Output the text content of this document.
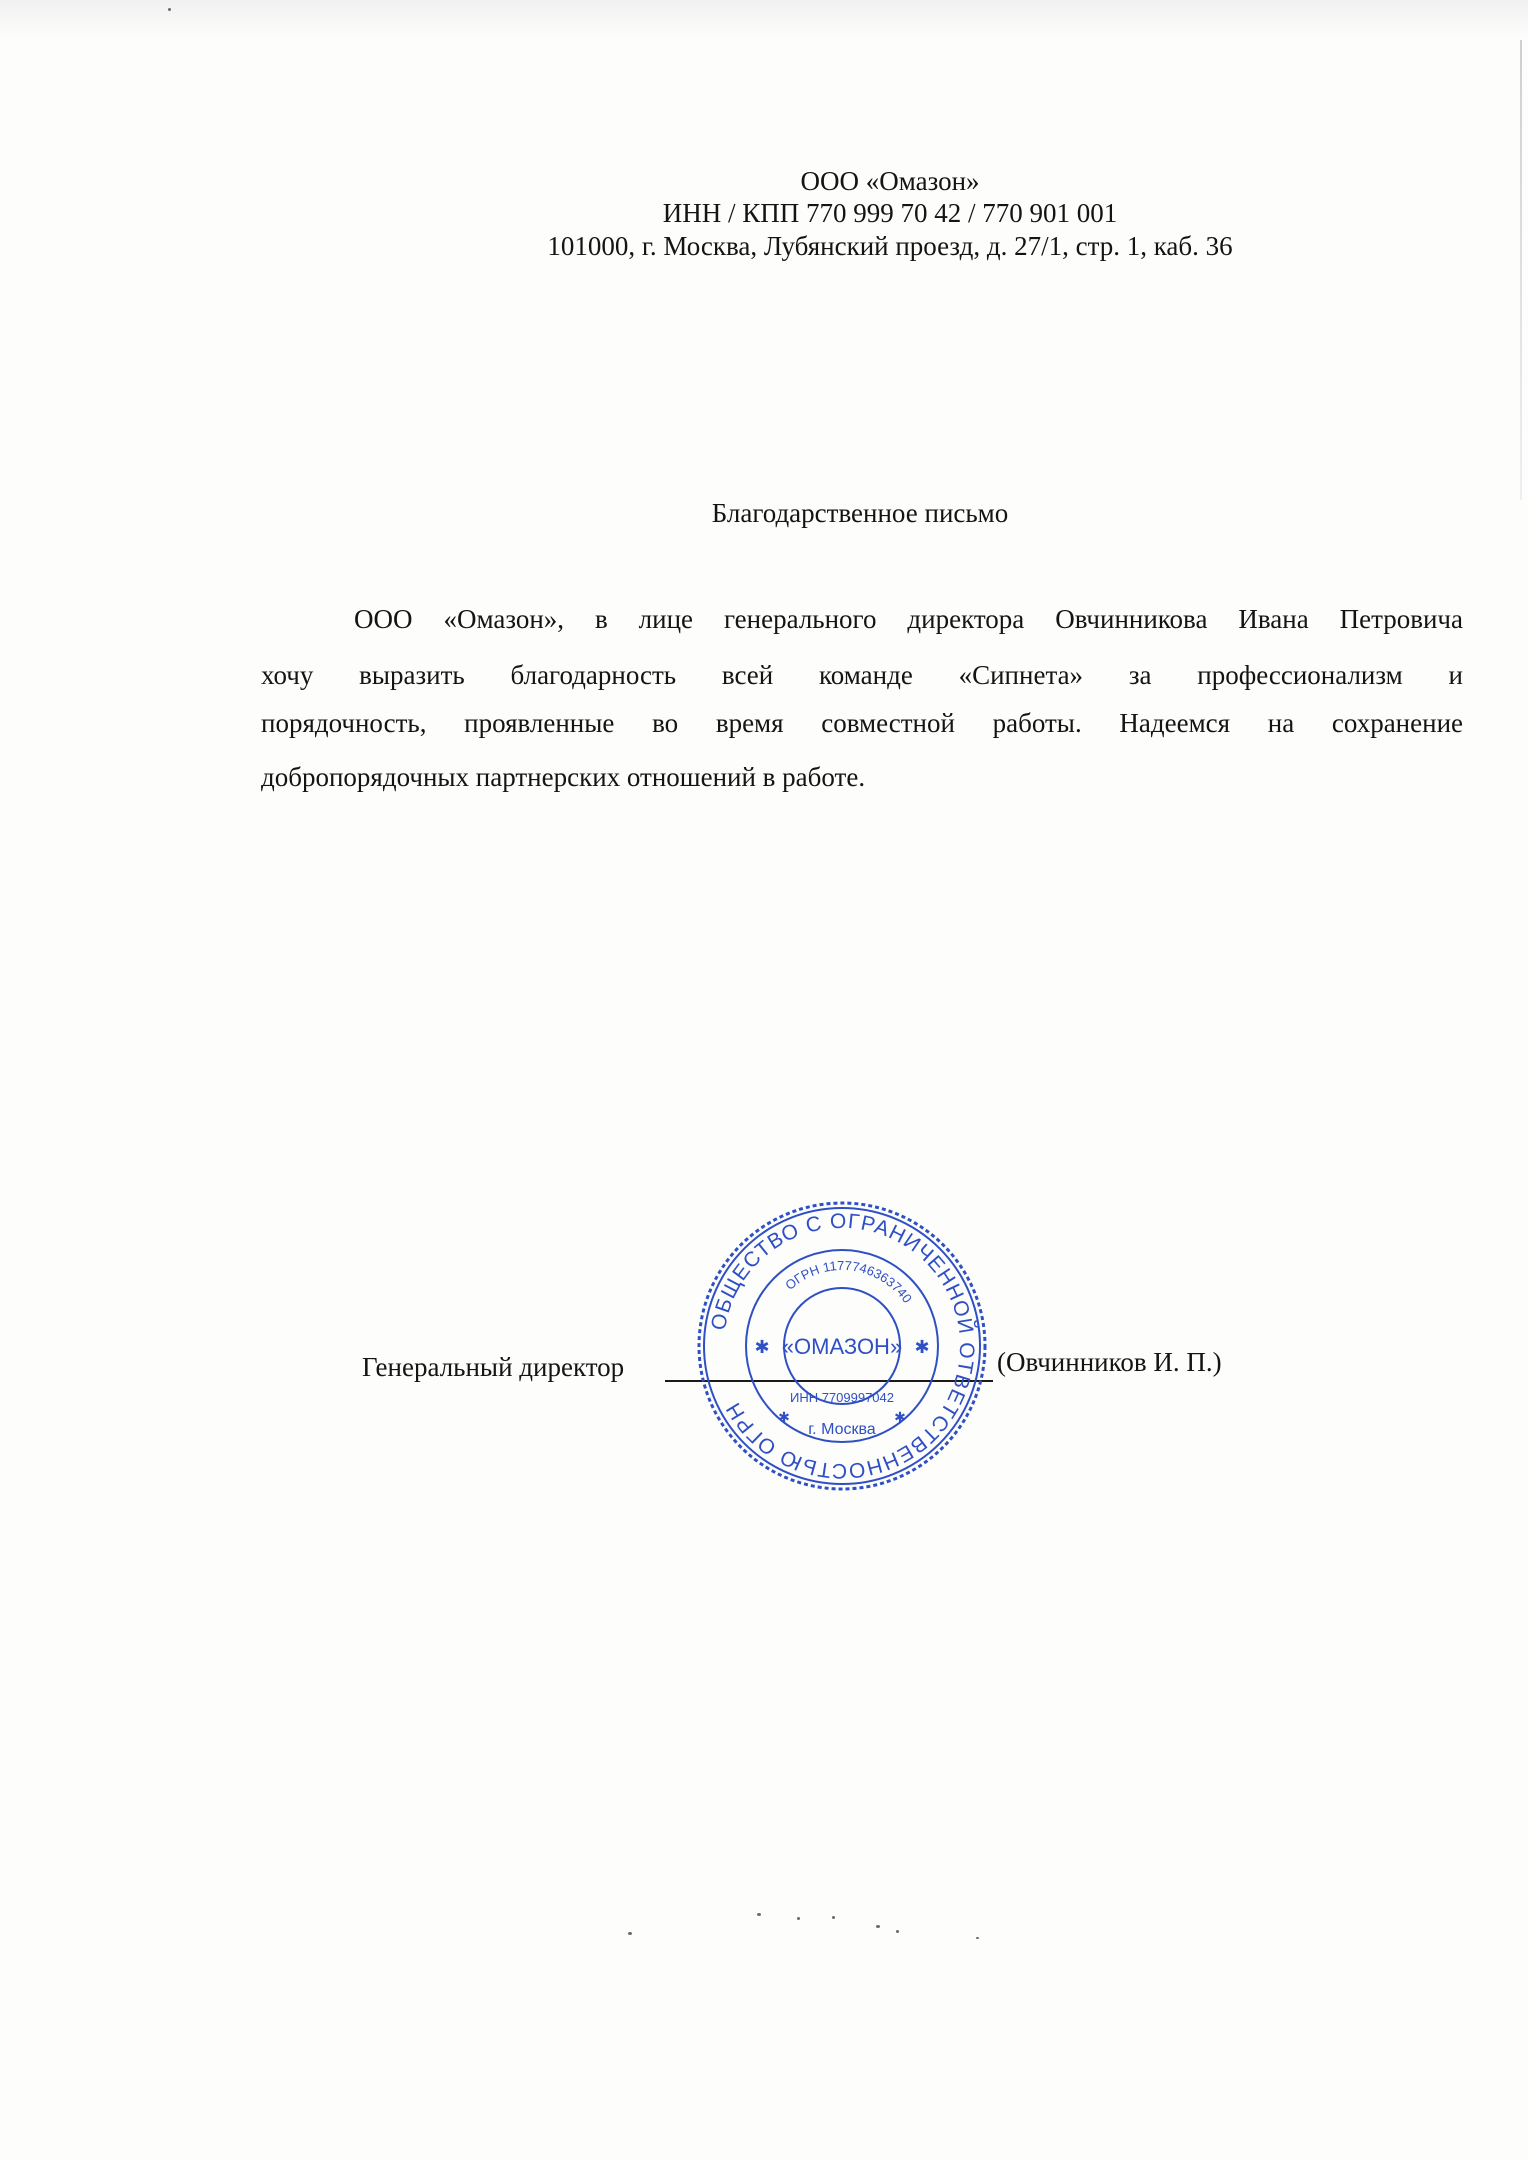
ООО «Омазон»
ИНН / КПП 770 999 70 42 / 770 901 001
101000, г. Москва, Лубянский проезд, д. 27/1, стр. 1, каб. 36
Благодарственное письмо
ООО «Омазон», в лице генерального директора Овчинникова Ивана Петровича
хочу выразить благодарность всей команде «Сипнета» за профессионализм и
порядочность, проявленные во время совместной работы. Надеемся на сохранение
добропорядочных партнерских отношений в работе.
Генеральный директор	(Овчинников И. П.)
ОБЩЕСТВО С ОГРАНИЧЕННОЙ ОТВЕТСТВЕННОСТЬЮ ОГРН
ОГРН 1177746363740
«ОМАЗОН»
ИНН 7709997042
г. Москва
✱	✱
✱	✱
